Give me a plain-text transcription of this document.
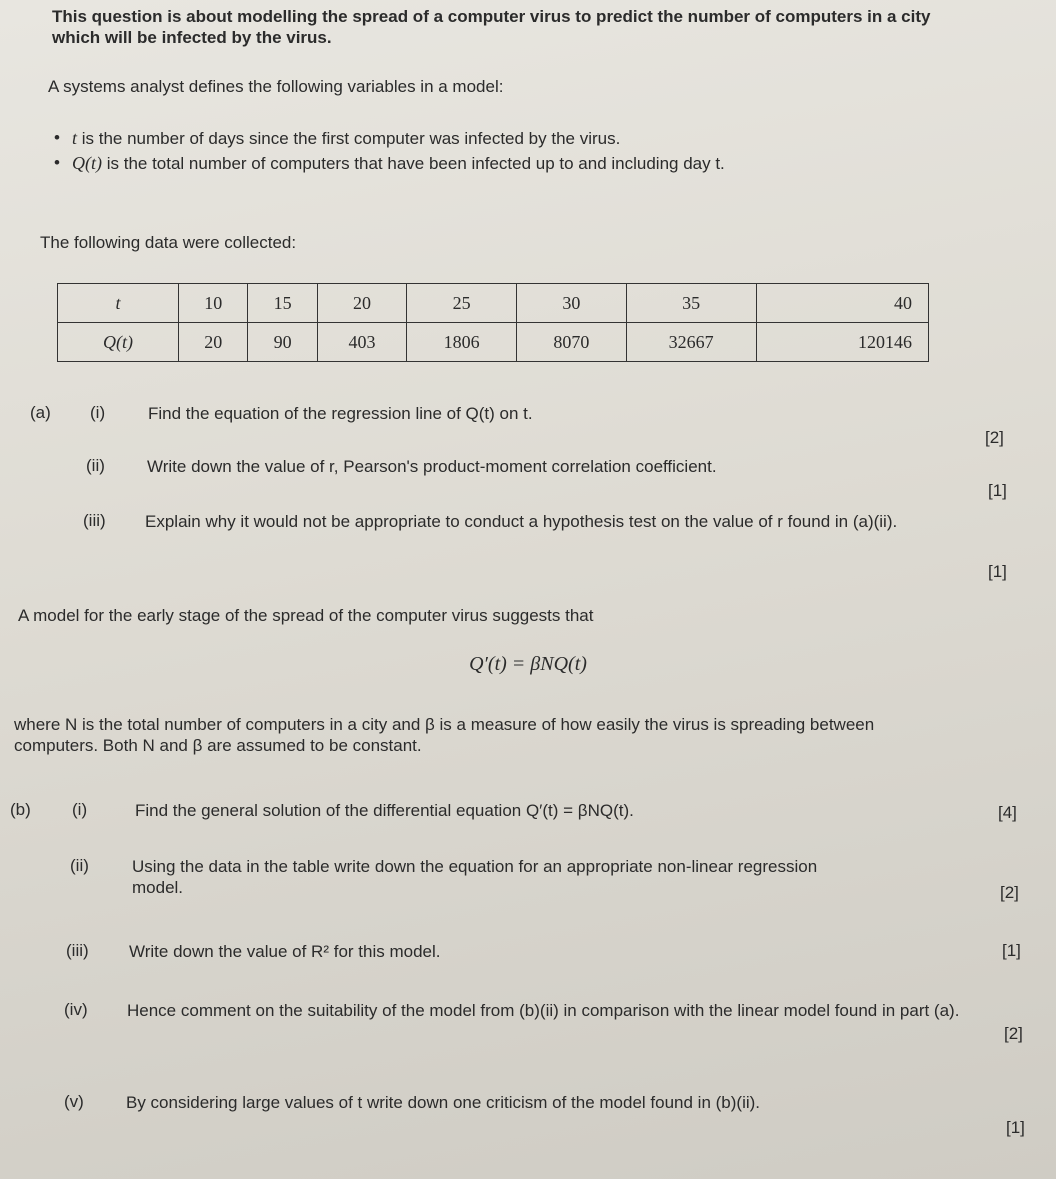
This question is about modelling the spread of a computer virus to predict the number of computers in a city which will be infected by the virus.

A systems analyst defines the following variables in a model:

• t is the number of days since the first computer was infected by the virus.
• Q(t) is the total number of computers that have been infected up to and including day t.

The following data were collected:

t	10	15	20	25	30	35	40
Q(t)	20	90	403	1806	8070	32667	120146
(a) (i)	Find the equation of the regression line of Q(t) on t.

[2]
(ii) Write down the value of r, Pearson's product-moment correlation coefficient.

[1]
(iii) Explain why it would not be appropriate to conduct a hypothesis test on the value of r found in (a)(ii).

[1]

A model for the early stage of the spread of the computer virus suggests that

Q′(t) = βNQ(t)

where N is the total number of computers in a city and β is a measure of how easily the virus is spreading between computers. Both N and β are assumed to be constant.

(b) (i)	Find the general solution of the differential equation Q′(t) = βNQ(t).	[4]
(ii)	Using the data in the table write down the equation for an appropriate non-linear regression model.	[2]
(iii) Write down the value of R² for this model.	[1]
(iv) Hence comment on the suitability of the model from (b)(ii) in comparison with the linear model found in part (a).

[2]
(v) By considering large values of t write down one criticism of the model found in (b)(ii).

[1]
